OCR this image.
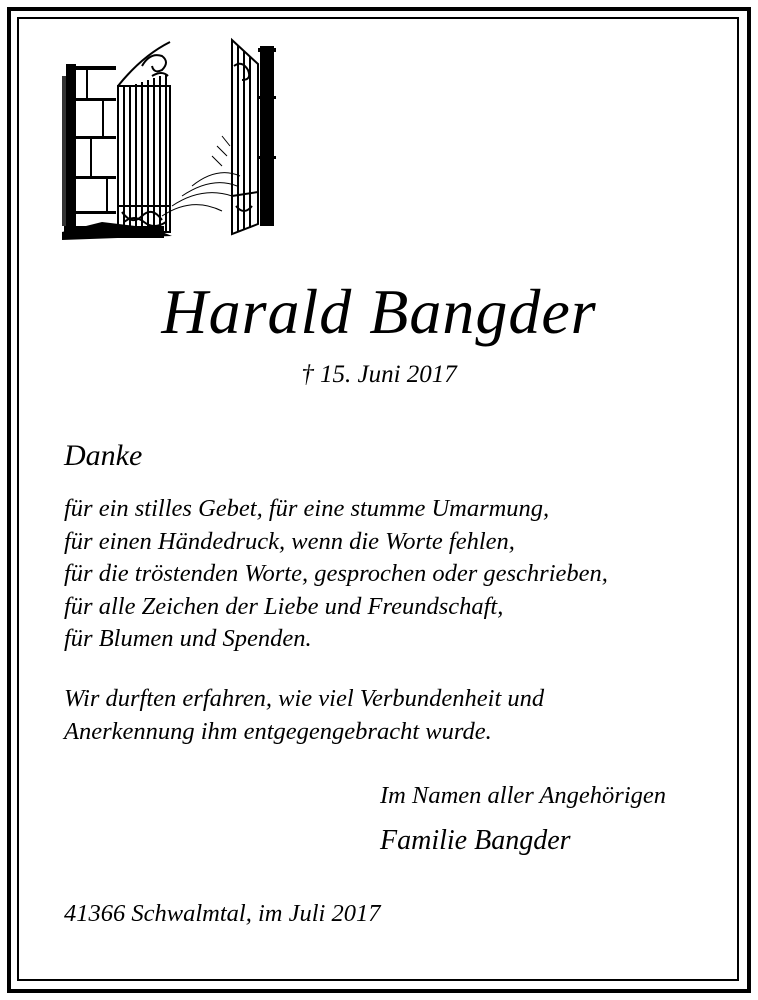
Harald Bangder
† 15. Juni 2017
Danke
für ein stilles Gebet, für eine stumme Umarmung,
für einen Händedruck, wenn die Worte fehlen,
für die tröstenden Worte, gesprochen oder geschrieben,
für alle Zeichen der Liebe und Freundschaft,
für Blumen und Spenden.
Wir durften erfahren, wie viel Verbundenheit und
Anerkennung ihm entgegengebracht wurde.
Im Namen aller Angehörigen
Familie Bangder
41366 Schwalmtal, im Juli 2017
